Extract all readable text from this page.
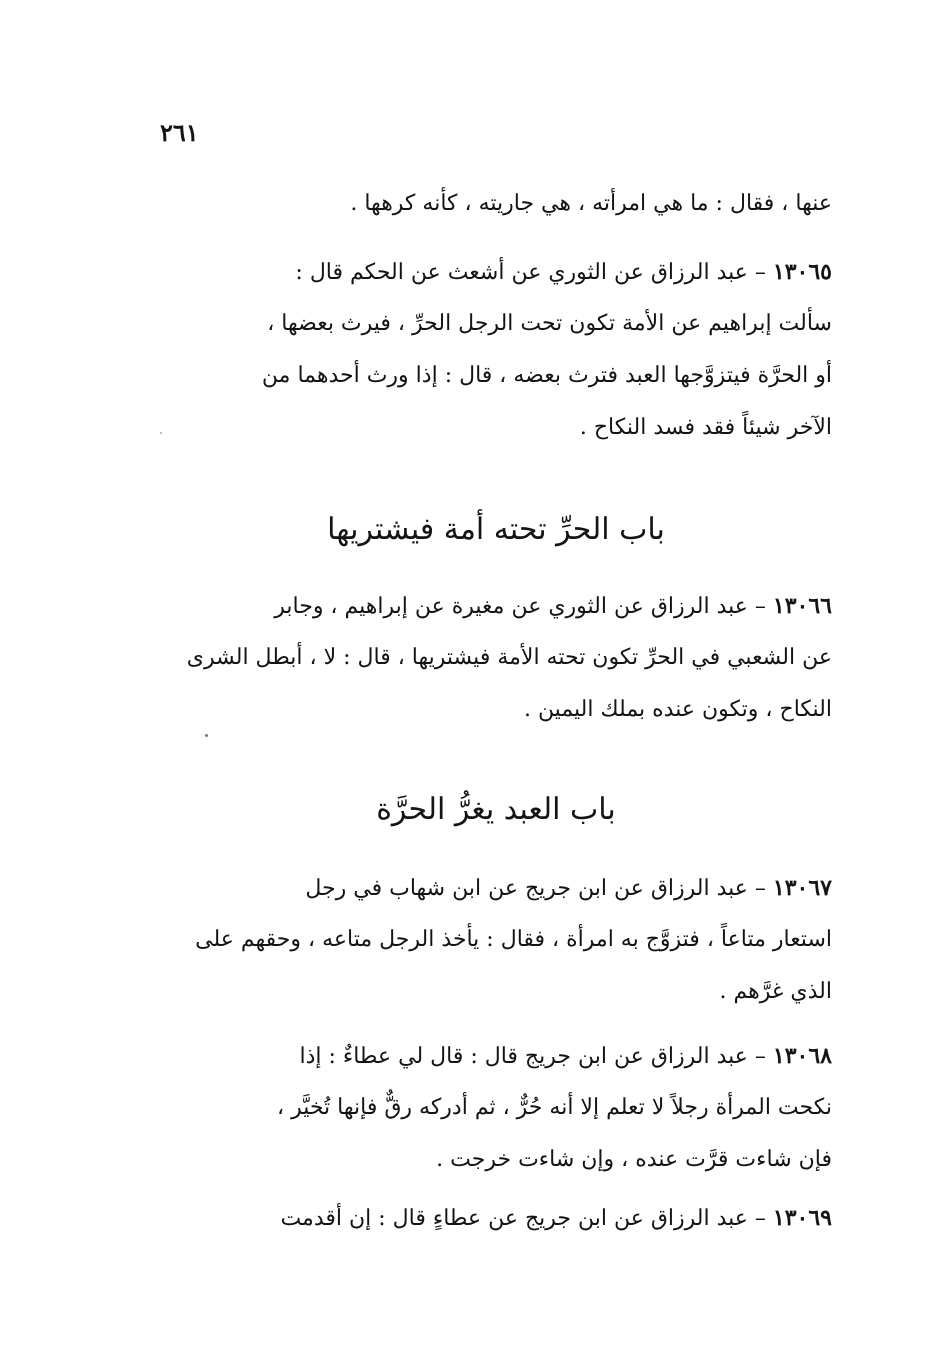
٢٦١
عنها ، فقال : ما هي امرأته ، هي جاريته ، كأنه كرهها .
١٣٠٦٥ – عبد الرزاق عن الثوري عن أشعث عن الحكم قال :
سألت إبراهيم عن الأمة تكون تحت الرجل الحرِّ ، فيرث بعضها ،
أو الحرَّة فيتزوَّجها العبد فترث بعضه ، قال : إذا ورث أحدهما من
الآخر شيئاً فقد فسد النكاح .
باب الحرِّ تحته أمة فيشتريها
١٣٠٦٦ – عبد الرزاق عن الثوري عن مغيرة عن إبراهيم ، وجابر
عن الشعبي في الحرِّ تكون تحته الأمة فيشتريها ، قال : لا ، أبطل الشرى
النكاح ، وتكون عنده بملك اليمين .
باب العبد يغرُّ الحرَّة
١٣٠٦٧ – عبد الرزاق عن ابن جريج عن ابن شهاب في رجل
استعار متاعاً ، فتزوَّج به امرأة ، فقال : يأخذ الرجل متاعه ، وحقهم على
الذي غرَّهم .
١٣٠٦٨ – عبد الرزاق عن ابن جريج قال : قال لي عطاءٌ : إذا
نكحت المرأة رجلاً لا تعلم إلا أنه حُرٌّ ، ثم أدركه رقٌّ فإنها تُخيَّر ،
فإن شاءت قرَّت عنده ، وإن شاءت خرجت .
١٣٠٦٩ – عبد الرزاق عن ابن جريج عن عطاءٍ قال : إن أقدمت
